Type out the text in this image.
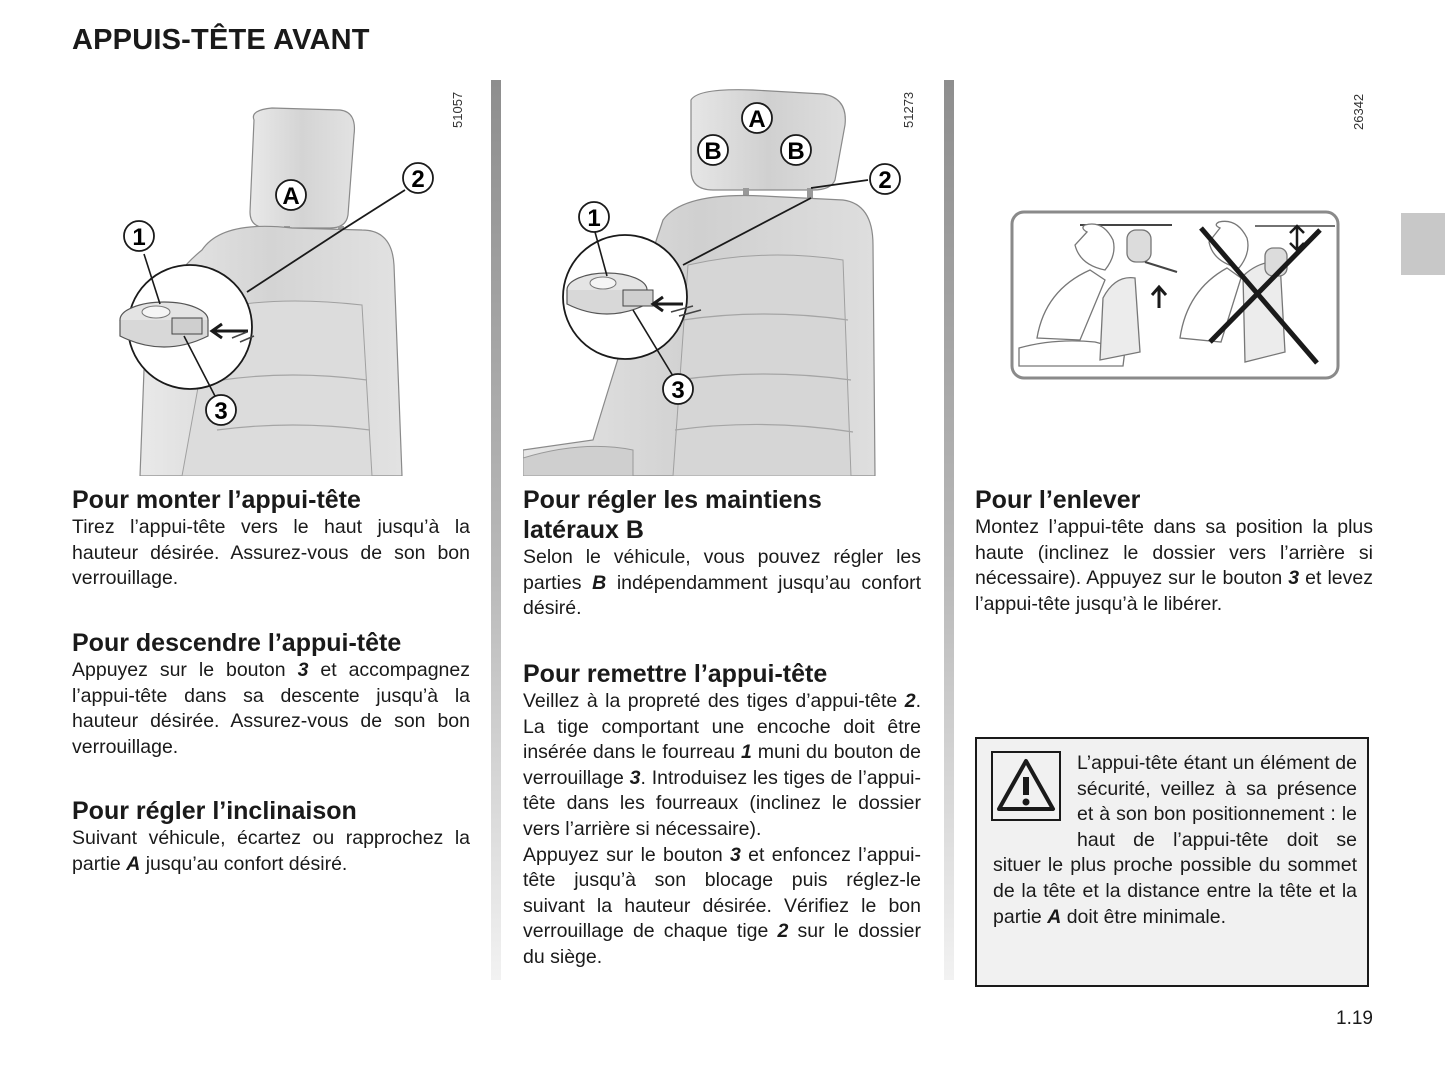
APPUIS-TÊTE AVANT
A
1
2
3
51057	A
B	B
1
2
3
51273	26342
Pour monter l’appui-tête

Tirez l’appui-tête vers le haut jusqu’à la hauteur désirée. Assurez-vous de son bon verrouillage.

Pour descendre l’appui-tête

Appuyez sur le bouton 3 et accompagnez l’appui-tête dans sa descente jusqu’à la hauteur désirée. Assurez-vous de son bon verrouillage.

Pour régler l’inclinaison

Suivant véhicule, écartez ou rapprochez la partie A jusqu’au confort désiré.

Pour régler les maintiens latéraux B

Selon le véhicule, vous pouvez régler les parties B indépendamment jusqu’au confort désiré.

Pour remettre l’appui-tête

Veillez à la propreté des tiges d’appui-tête 2. La tige comportant une encoche doit être insérée dans le fourreau 1 muni du bouton de verrouillage 3. Introduisez les tiges de l’appui-tête dans les fourreaux (inclinez le dossier vers l’arrière si nécessaire).

Appuyez sur le bouton 3 et enfoncez l’appui-tête jusqu’à son blocage puis réglez-le suivant la hauteur désirée. Vérifiez le bon verrouillage de chaque tige 2 sur le dossier du siège.

Pour l’enlever

Montez l’appui-tête dans sa position la plus haute (inclinez le dossier vers l’arrière si nécessaire). Appuyez sur le bouton 3 et levez l’appui-tête jusqu’à le libérer.

L’appui-tête étant un élément de sécurité, veillez à sa présence et à son bon positionnement : le haut de l’appui-tête doit se situer le plus proche possible du sommet de la tête et la distance entre la tête et la partie A doit être minimale.

1.19
